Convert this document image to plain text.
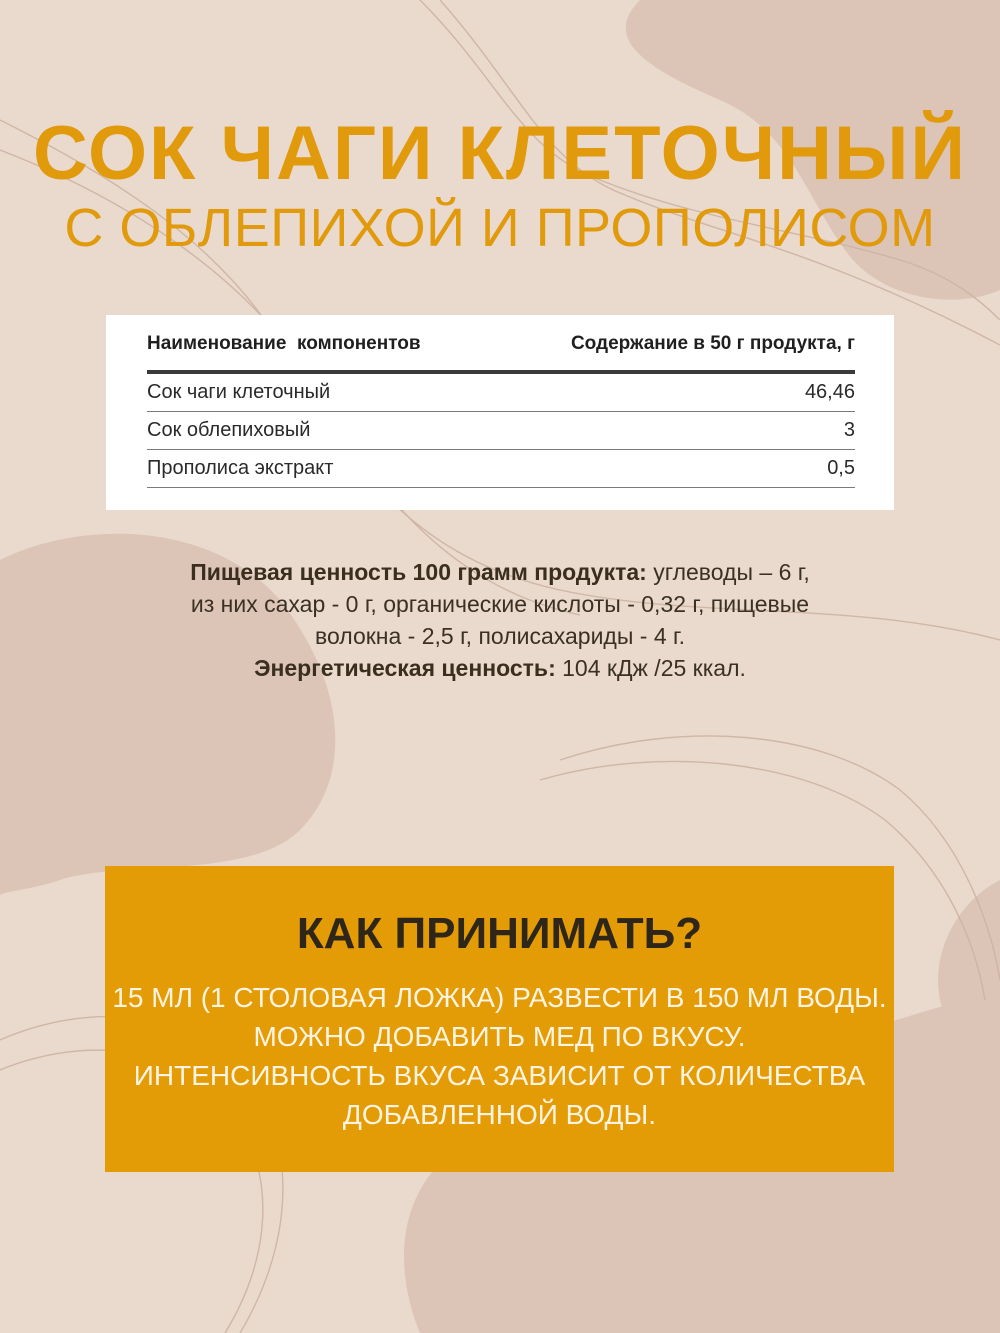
СОК ЧАГИ КЛЕТОЧНЫЙ
С ОБЛЕПИХОЙ И ПРОПОЛИСОМ
Наименование  компонентов	Содержание в 50 г продукта, г
Сок чаги клеточный	46,46
Сок облепиховый	3
Прополиса экстракт	0,5
Пищевая ценность 100 грамм продукта: углеводы – 6 г,
из них сахар - 0 г, органические кислоты - 0,32 г, пищевые
волокна - 2,5 г, полисахариды - 4 г.
Энергетическая ценность: 104 кДж /25 ккал.
КАК ПРИНИМАТЬ?
15 МЛ (1 СТОЛОВАЯ ЛОЖКА) РАЗВЕСТИ В 150 МЛ ВОДЫ.
МОЖНО ДОБАВИТЬ МЕД ПО ВКУСУ.
ИНТЕНСИВНОСТЬ ВКУСА ЗАВИСИТ ОТ КОЛИЧЕСТВА
ДОБАВЛЕННОЙ ВОДЫ.
